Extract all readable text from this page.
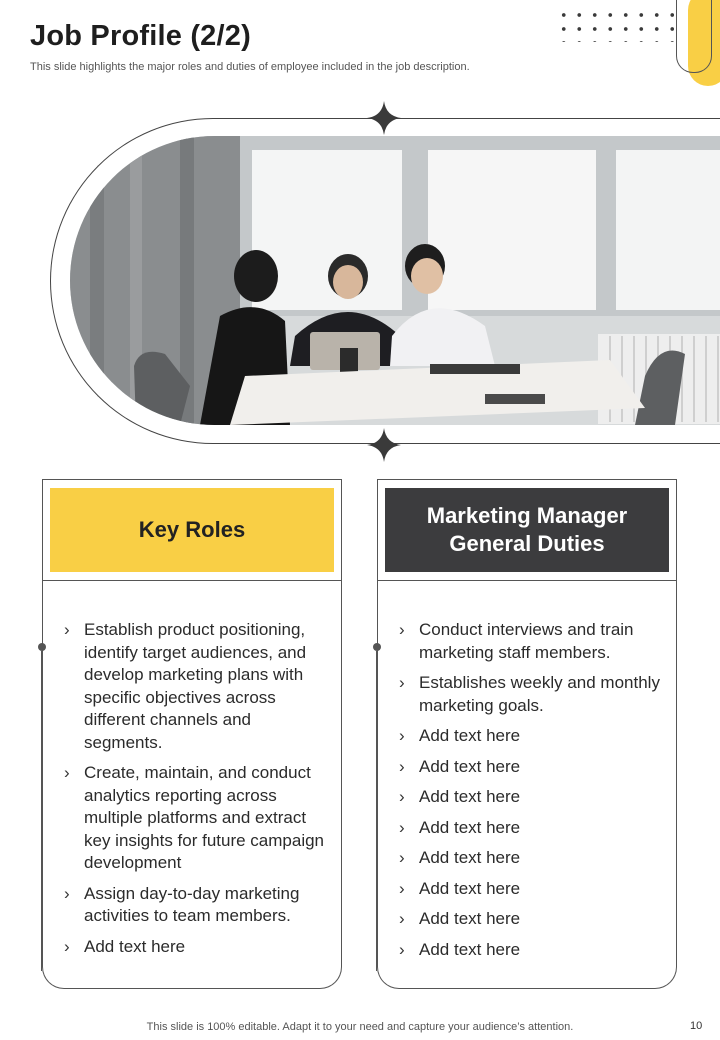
Job Profile (2/2)
This slide highlights the major roles and duties of employee included in the job description.
Key Roles
› Establish product positioning, identify target audiences, and develop marketing plans with specific objectives across different channels and segments.
› Create, maintain, and conduct analytics reporting across multiple platforms and extract key insights for future campaign development
› Assign day-to-day marketing activities to team members.
› Add text here
Marketing Manager General Duties
› Conduct interviews and train marketing staff members.
› Establishes weekly and monthly marketing goals.
› Add text here
› Add text here
› Add text here
› Add text here
› Add text here
› Add text here
› Add text here
› Add text here
This slide is 100% editable. Adapt it to your need and capture your audience’s attention.	10
